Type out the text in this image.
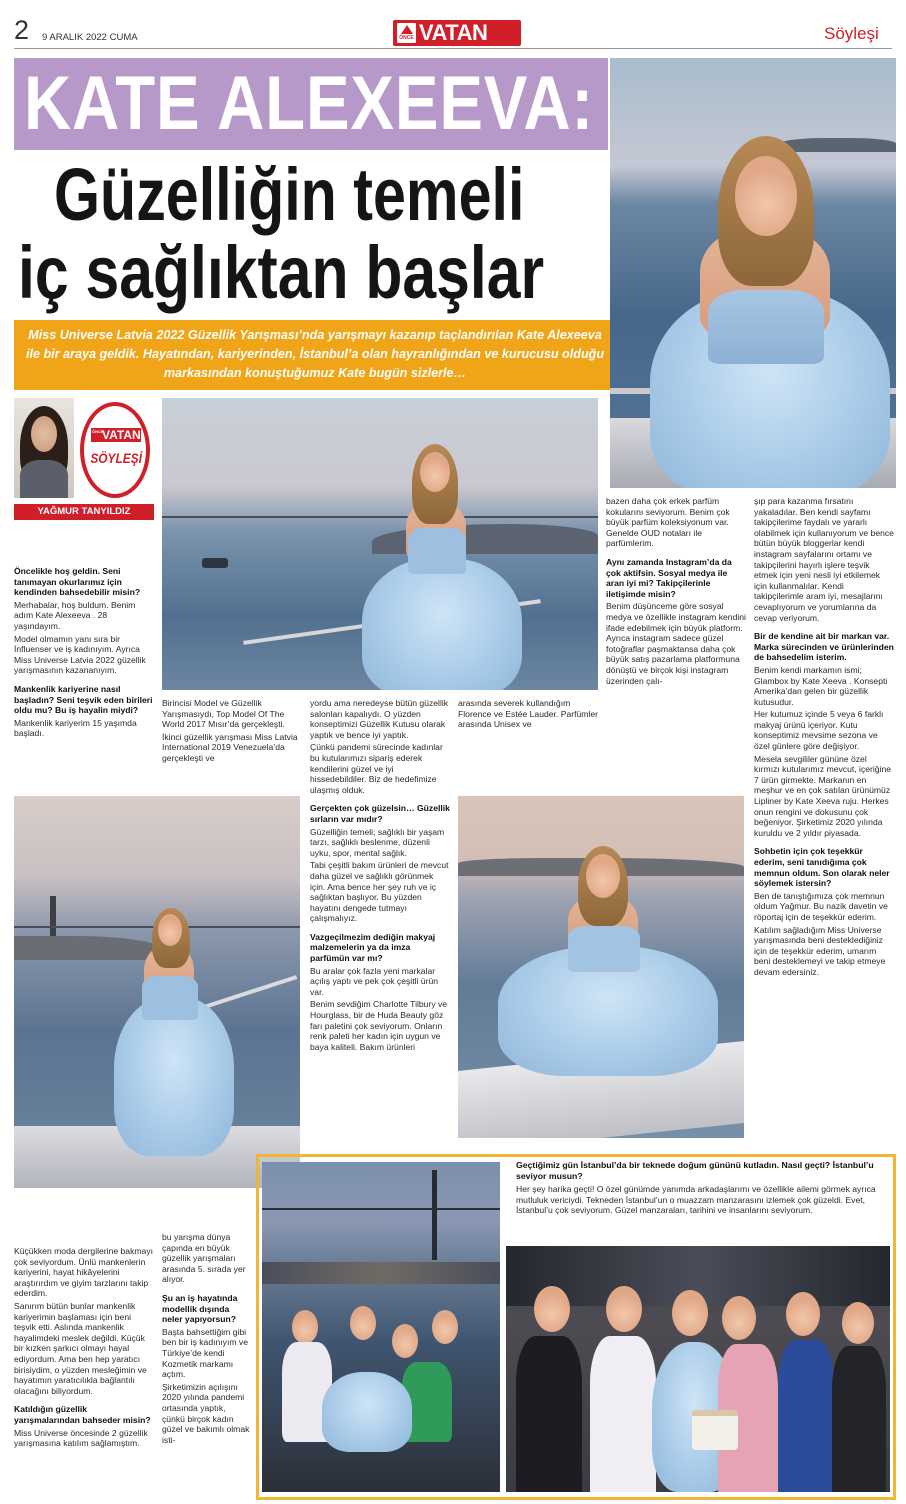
2 9 ARALIK 2022 CUMA	ÖNCE VATAN	Söyleşi
KATE ALEXEEVA:
Güzelliğin temeli
iç sağlıktan başlar
Miss Universe Latvia 2022 Güzellik Yarışması’nda yarışmayı kazanıp taçlandırılan Kate Alexeeva ile bir araya geldik. Hayatından, kariyerinden, İstanbul’a olan hayranlığından ve kurucusu olduğu markasından konuştuğumuz Kate bugün sizlerle…
ÖNCE
VATAN
SÖYLEŞİ
YAĞMUR TANYILDIZ

Öncelikle hoş geldin. Seni tanımayan okurlarımız için kendinden bahsedebilir misin?

Merhabalar, hoş buldum. Benim adım Kate Alexeeva . 28 yaşındayım.

Model olmamın yanı sıra bir İnfluenser ve iş kadınıyım. Ayrıca Miss Universe Latvia 2022 güzellik yarışmasının kazananıyım.

Mankenlik kariyerine nasıl başladın? Seni teşvik eden birileri oldu mu? Bu iş hayalin miydi?

Mankenlik kariyerim 15 yaşımda başladı.

Birincisi Model ve Güzellik Yarışmasıydı, Top Model Of The World 2017 Mısır’da gerçekleşti.

İkinci güzellik yarışması Miss Latvia International 2019 Venezuela’da gerçekleşti ve

yordu ama neredeyse bütün güzellik salonları kapalıydı. O yüzden konseptimizi Güzellik Kutusu olarak yaptık ve bence iyi yaptık.

Çünkü pandemi sürecinde kadınlar bu kutularımızı sipariş ederek kendilerini güzel ve iyi hissedebildiler. Biz de hedefimize ulaşmış olduk.

Gerçekten çok güzelsin… Güzellik sırların var mıdır?

Güzelliğin temeli; sağlıklı bir yaşam tarzı, sağlıklı beslenme, düzenli uyku, spor, mental sağlık.

Tabi çeşitli bakım ürünleri de mevcut daha güzel ve sağlıklı görünmek için. Ama bence her şey ruh ve iç sağlıktan başlıyor. Bu yüzden hayatını dengede tutmayı çalışmalıyız.

Vazgeçilmezim dediğin makyaj malzemelerin ya da imza parfümün var mı?

Bu aralar çok fazla yeni markalar açılış yaptı ve pek çok çeşitli ürün var.

Benim sevdiğim Charlotte Tilbury ve Hourglass, bir de Huda Beauty göz farı paletini çok seviyorum. Onların renk paleti her kadın için uygun ve baya kaliteli. Bakım ürünleri

arasında severek kullandığım Florence ve Estée Lauder. Parfümler arasında Unisex ve

bazen daha çok erkek parfüm kokularını seviyorum. Benim çok büyük parfüm koleksiyonum var. Genelde OUD notaları ile parfümlerim.

Aynı zamanda Instagram’da da çok aktifsin. Sosyal medya ile aran iyi mi? Takipçilerinle iletişimde misin?

Benim düşünceme göre sosyal medya ve özellikle instagram kendini ifade edebilmek için büyük platform. Ayrıca instagram sadece güzel fotoğraflar paşmaktansa daha çok büyük satış pazarlama platformuna dönüştü ve birçok kişi instagram üzerinden çalı-

şıp para kazanma fırsatını yakaladılar. Ben kendi sayfamı takipçilerime faydalı ve yararlı olabilmek için kullanıyorum ve bence bütün büyük bloggerlar kendi instagram sayfalarını ortamı ve takipçilerini hayırlı işlere teşvik etmek için yeni nesli iyi etkilemek için kullanmalılar. Kendi takipçilerimle aram iyi, mesajlarını cevaplıyorum ve yorumlarına da cevap veriyorum.

Bir de kendine ait bir markan var. Marka sürecinden ve ürünlerinden de bahsedelim isterim.

Benim kendi markamın ismi; Glambox by Kate Xeeva . Konsepti Amerika’dan gelen bir güzellik kutusudur.

Her kutumuz içinde 5 veya 6 farklı makyaj ürünü içeriyor. Kutu konseptimiz mevsime sezona ve özel günlere göre değişiyor.

Mesela sevgililer gününe özel kırmızı kutularımız mevcut, içeriğine 7 ürün girmekte. Markanın en meşhur ve en çok satılan ürünümüz Lipliner by Kate Xeeva ruju. Herkes onun rengini ve dokusunu çok beğeniyor. Şirketimiz 2020 yılında kuruldu ve 2 yıldır piyasada.

Sohbetin için çok teşekkür ederim, seni tanıdığıma çok memnun oldum. Son olarak neler söylemek istersin?

Ben de tanıştığımıza çok memnun oldum Yağmur. Bu nazik davetin ve röportaj için de teşekkür ederim.

Katılım sağladığım Miss Universe yarışmasında beni desteklediğiniz için de teşekkür ederim, umarım beni desteklemeyi ve takip etmeye devam edersiniz.

Küçükken moda dergilerine bakmayı çok seviyordum. Ünlü mankenlerin kariyerini, hayat hikâyelerini araştırırdım ve giyim tarzlarını takip ederdim.

Sanırım bütün bunlar mankenlik kariyerimin başlaması için beni teşvik etti. Aslında mankenlik hayalimdeki meslek değildi. Küçük bir kızken şarkıcı olmayı hayal ediyordum. Ama ben hep yaratıcı birisiydim, o yüzden mesleğimin ve hayatımın yaratıcılıkla bağlantılı olacağını biliyordum.

Katıldığın güzellik yarışmalarından bahseder misin?

Miss Universe öncesinde 2 güzellik yarışmasına katılım sağlamıştım.

bu yarışma dünya çapında en büyük güzellik yarışmaları arasında 5. sırada yer alıyor.

Şu an iş hayatında modellik dışında neler yapıyorsun?

Başta bahsettiğim gibi ben bir iş kadınıyım ve Türkiye’de kendi Kozmetik markamı açtım.

Şirketimizin açılışını 2020 yılında pandemi ortasında yaptık, çünkü birçok kadın güzel ve bakımlı olmak isti-

Geçtiğimiz gün İstanbul’da bir teknede doğum gününü kutladın. Nasıl geçti? İstanbul’u seviyor musun?
Her şey harika geçti! O özel günümde yanımda arkadaşlarımı ve özellikle ailemi görmek ayrıca mutluluk vericiydi. Tekneden İstanbul’un o muazzam manzarasını izlemek çok güzeldi. Evet, İstanbul’u çok seviyorum. Güzel manzaraları, tarihini ve insanlarını seviyorum.
